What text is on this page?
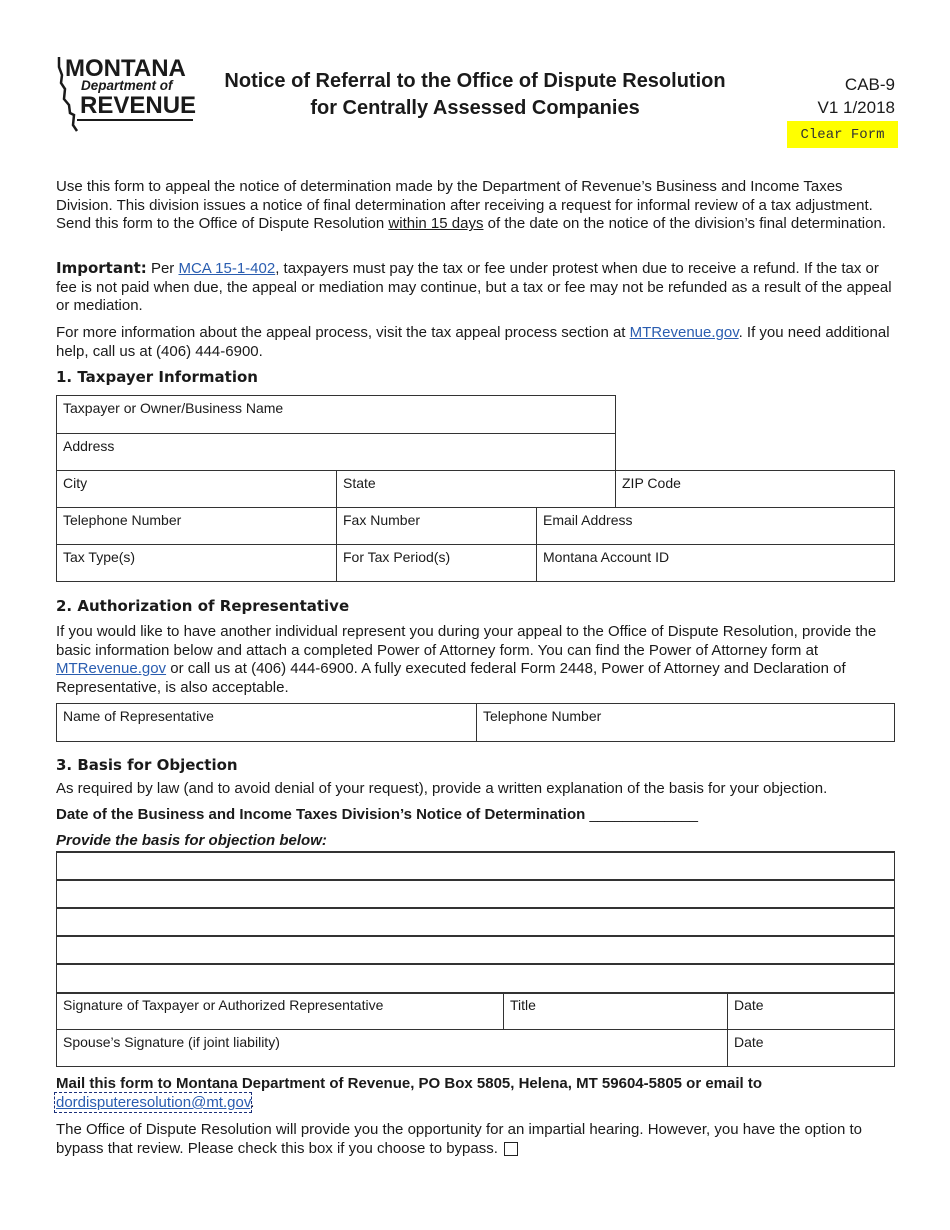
MONTANA
Department of
REVENUE
Notice of Referral to the Office of Dispute Resolution
for Centrally Assessed Companies
CAB-9
V1 1/2018
Clear Form
Use this form to appeal the notice of determination made by the Department of Revenue’s Business and Income Taxes Division. This division issues a notice of final determination after receiving a request for informal review of a tax adjustment. Send this form to the Office of Dispute Resolution within 15 days of the date on the notice of the division’s final determination.
Important: Per MCA 15-1-402, taxpayers must pay the tax or fee under protest when due to receive a refund. If the tax or fee is not paid when due, the appeal or mediation may continue, but a tax or fee may not be refunded as a result of the appeal or mediation.
For more information about the appeal process, visit the tax appeal process section at MTRevenue.gov. If you need additional help, call us at (406) 444-6900.
1. Taxpayer Information
Taxpayer or Owner/Business Name
Address
City	State	ZIP Code
Telephone Number	Fax Number	Email Address
Tax Type(s)	For Tax Period(s)	Montana Account ID
2. Authorization of Representative
If you would like to have another individual represent you during your appeal to the Office of Dispute Resolution, provide the basic information below and attach a completed Power of Attorney form. You can find the Power of Attorney form at MTRevenue.gov or call us at (406) 444-6900. A fully executed federal Form 2448, Power of Attorney and Declaration of Representative, is also acceptable.
Name of Representative	Telephone Number
3. Basis for Objection
As required by law (and to avoid denial of your request), provide a written explanation of the basis for your objection.
Date of the Business and Income Taxes Division’s Notice of Determination _____________
Provide the basis for objection below:
Signature of Taxpayer or Authorized Representative	Title	Date
Spouse’s Signature (if joint liability)	Date
Mail this form to Montana Department of Revenue, PO Box 5805, Helena, MT 59604-5805 or email to
dordisputeresolution@mt.gov.
The Office of Dispute Resolution will provide you the opportunity for an impartial hearing. However, you have the option to bypass that review. Please check this box if you choose to bypass.
